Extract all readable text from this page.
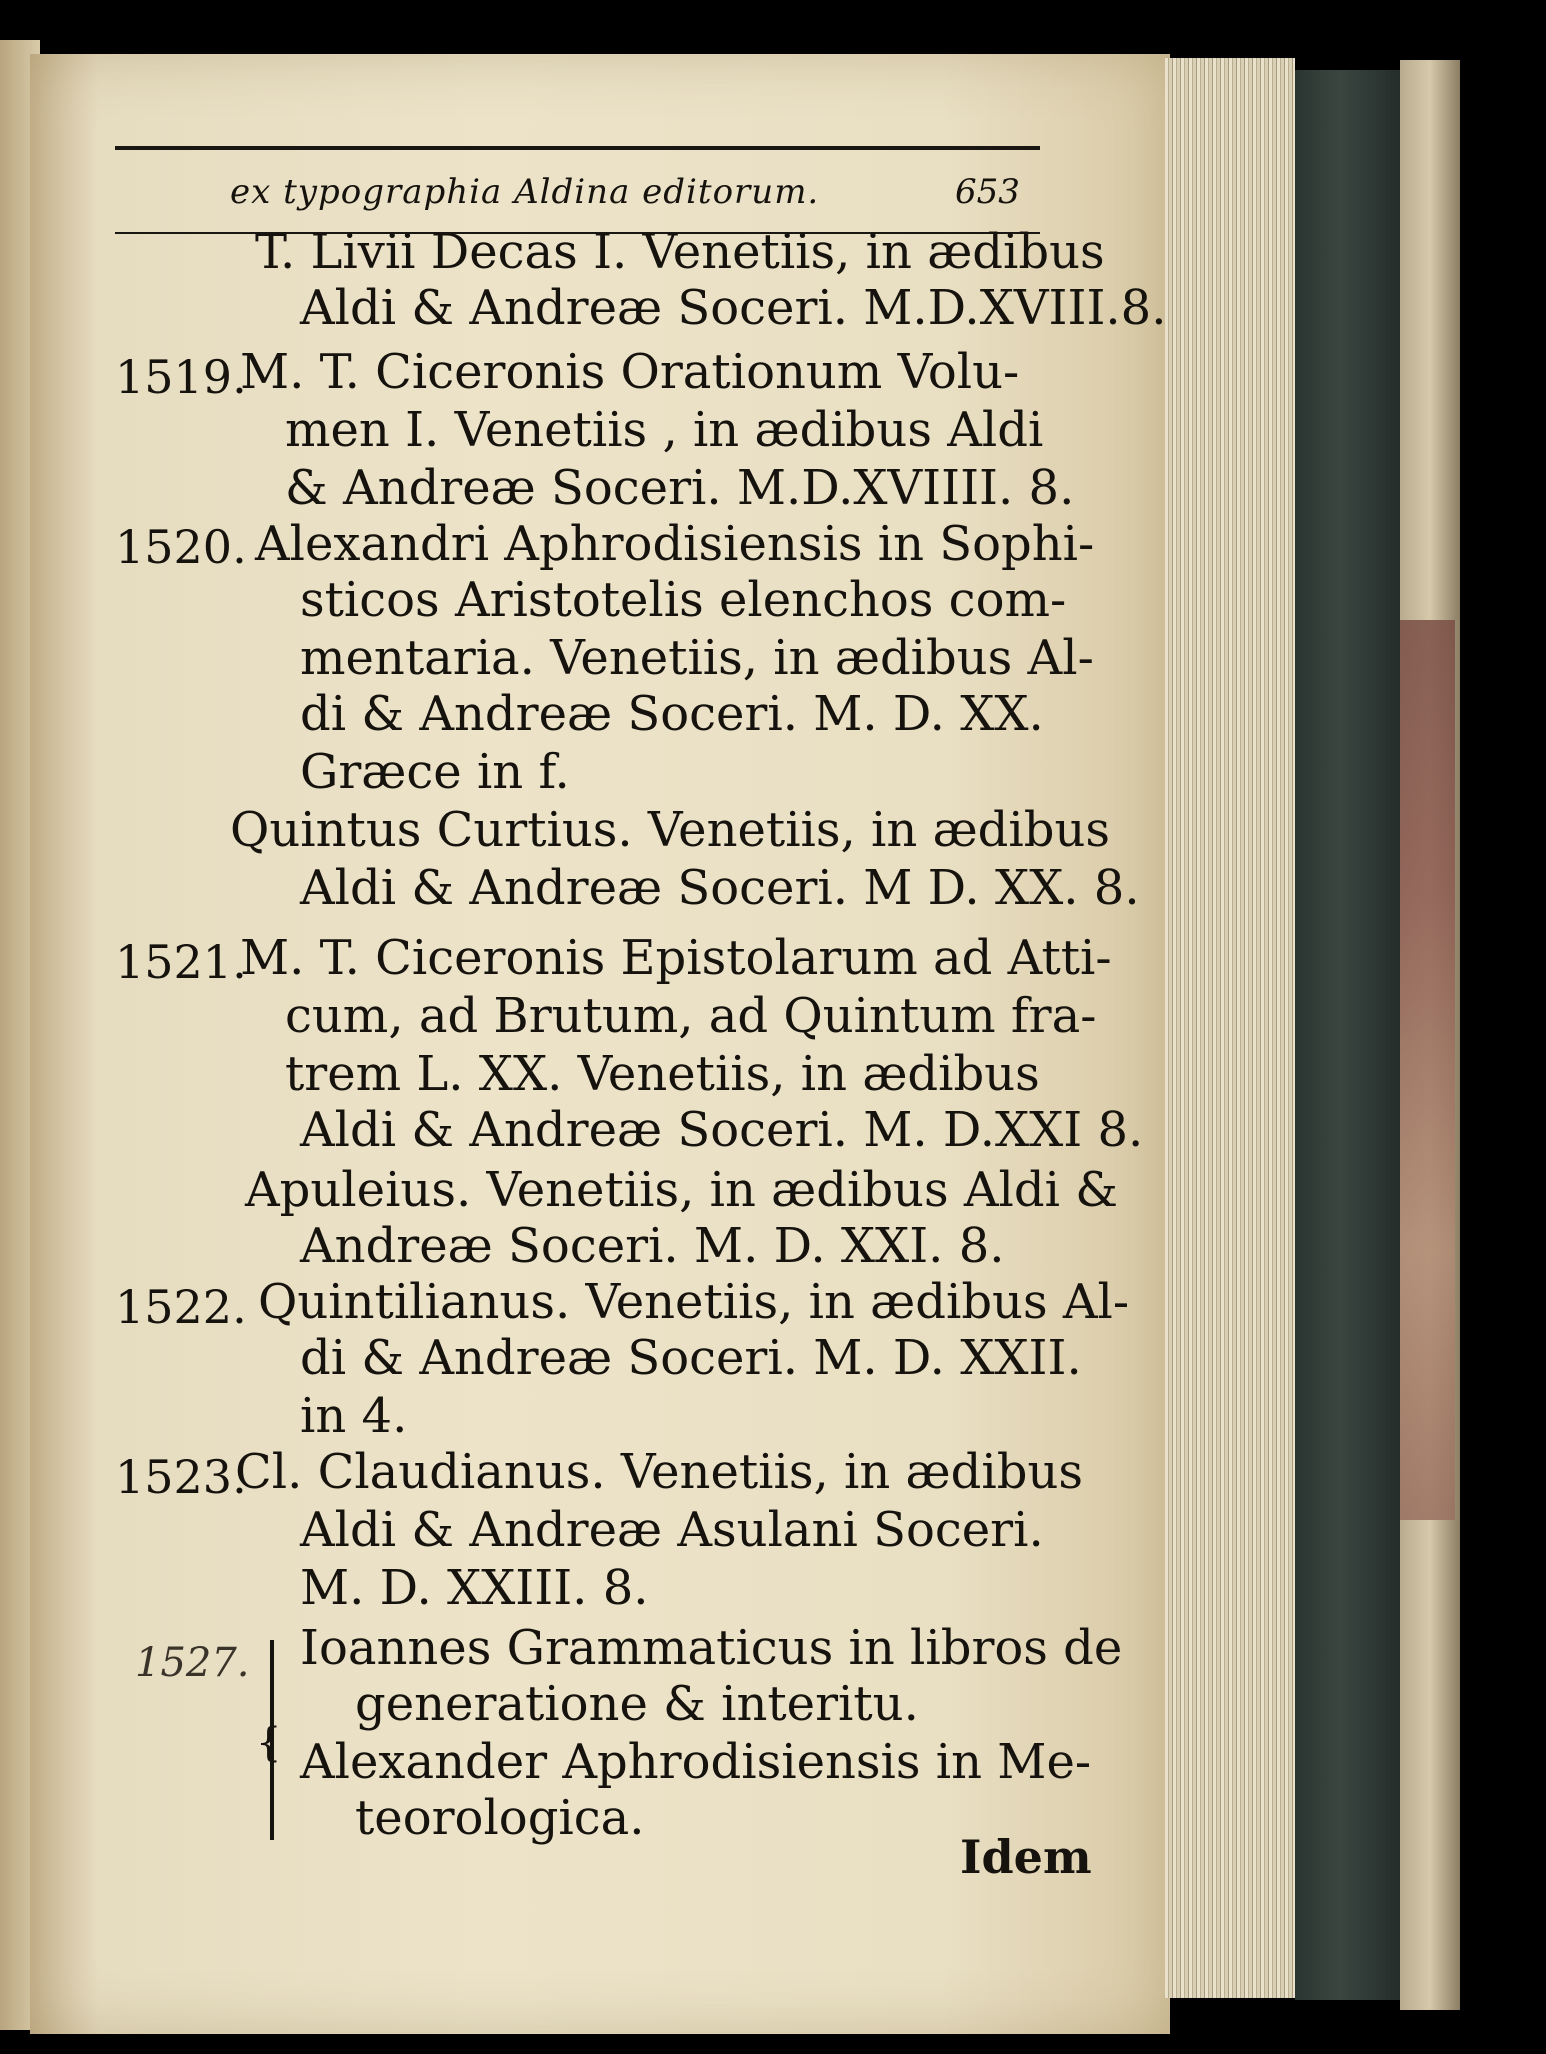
ex typographia Aldina editorum.	653
1519.
1520.
1521.
1522.
1523.
T. Livii Decas I. Venetiis, in ædibus
Aldi & Andreæ Soceri. M.D.XVIII.8.
M. T. Ciceronis Orationum Volu-
men I. Venetiis , in ædibus Aldi
& Andreæ Soceri. M.D.XVIIII. 8.
Alexandri Aphrodisiensis in Sophi-
sticos Aristotelis elenchos com-
mentaria. Venetiis, in ædibus Al-
di & Andreæ Soceri. M. D. XX.
Græce in f.
Quintus Curtius. Venetiis, in ædibus
Aldi & Andreæ Soceri. M D. XX. 8.
M. T. Ciceronis Epistolarum ad Atti-
cum, ad Brutum, ad Quintum fra-
trem L. XX. Venetiis, in ædibus
Aldi & Andreæ Soceri. M. D.XXI 8.
Apuleius. Venetiis, in ædibus Aldi &
Andreæ Soceri. M. D. XXI. 8.
Quintilianus. Venetiis, in ædibus Al-
di & Andreæ Soceri. M. D. XXII.
in 4.
Cl. Claudianus. Venetiis, in ædibus
Aldi & Andreæ Asulani Soceri.
M. D. XXIII. 8.
Ioannes Grammaticus in libros de
generatione & interitu.
Alexander Aphrodisiensis in Me-
teorologica.
1527.
{
Idem
